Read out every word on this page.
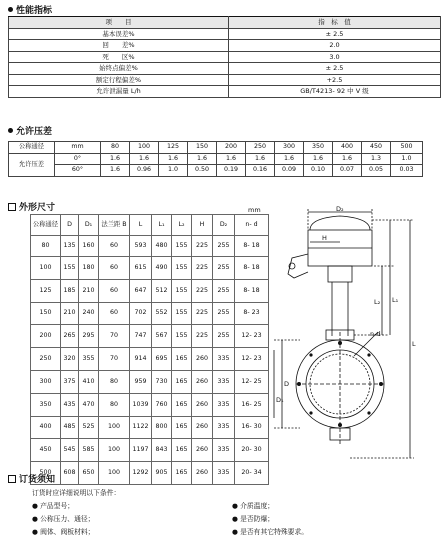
性能指标
项　　目	指　标　值
基本误差%	± 2.5
回　　差%	2.0
死　　区%	3.0
始终点偏差%	± 2.5
额定行程偏差%	+2.5
允许泄漏量 L/h	GB/T4213- 92 中 V 级
允许压差
公称通径	mm	80	100	125	150	200	250	300	350	400	450	500
允许压差	0°	1.6	1.6	1.6	1.6	1.6	1.6	1.6	1.6	1.6	1.3	1.0
	60°	1.6	0.96	1.0	0.50	0.19	0.16	0.09	0.10	0.07	0.05	0.03
外形尺寸	mm
公称通径	D	D₁	法兰距 B	L	L₁	L₂	H	D₂	n- d
80	135	160	60	593	480	155	225	255	8- 18
100	155	180	60	615	490	155	225	255	8- 18
125	185	210	60	647	512	155	225	255	8- 18
150	210	240	60	702	552	155	225	255	8- 23
200	265	295	70	747	567	155	225	255	12- 23
250	320	355	70	914	695	165	260	335	12- 23
300	375	410	80	959	730	165	260	335	12- 25
350	435	470	80	1039	760	165	260	335	16- 25
400	485	525	100	1122	800	165	260	335	16- 30
450	545	585	100	1197	843	165	260	335	20- 30
500	608	650	100	1292	905	165	260	335	20- 34
D₂
H
L₂ L₁
L
n-d
D
D₁
订货须知
订货时应详细说明以下条件：
● 产品型号；
● 公称压力、通径；
● 阀体、阀板材料；
● 介质温度；
● 是否防爆；
● 是否有其它特殊要求。
